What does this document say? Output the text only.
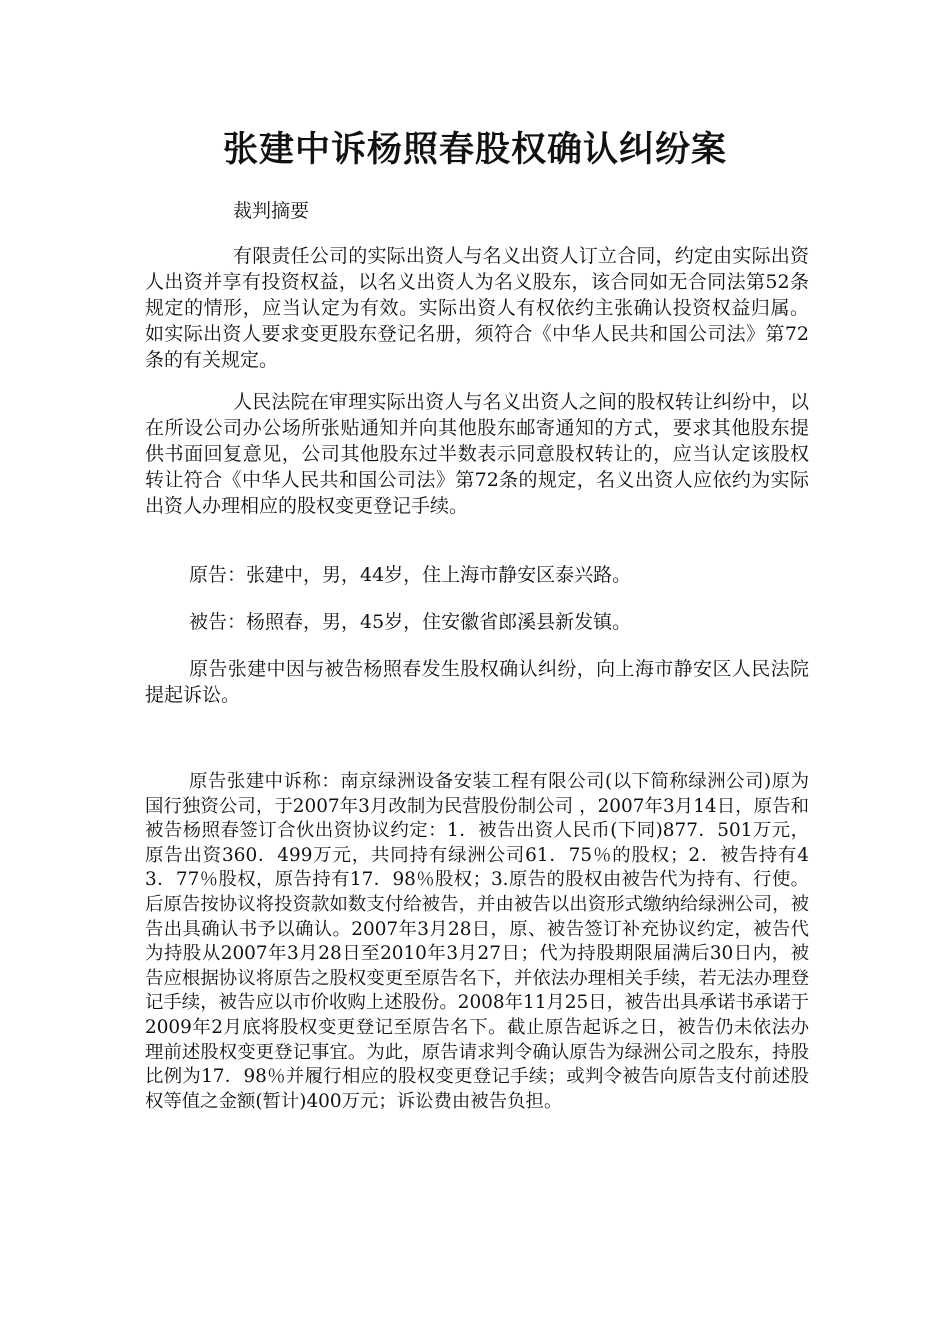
张建中诉杨照春股权确认纠纷案

裁判摘要

有限责任公司的实际出资人与名义出资人订立合同，约定由实际出资人出资并享有投资权益，以名义出资人为名义股东，该合同如无合同法第52条规定的情形，应当认定为有效。实际出资人有权依约主张确认投资权益归属。如实际出资人要求变更股东登记名册，须符合《中华人民共和国公司法》第72条的有关规定。

人民法院在审理实际出资人与名义出资人之间的股权转让纠纷中，以在所设公司办公场所张贴通知并向其他股东邮寄通知的方式，要求其他股东提供书面回复意见，公司其他股东过半数表示同意股权转让的，应当认定该股权转让符合《中华人民共和国公司法》第72条的规定，名义出资人应依约为实际出资人办理相应的股权变更登记手续。

原告：张建中，男，44岁，住上海市静安区泰兴路。

被告：杨照春，男，45岁，住安徽省郎溪县新发镇。

原告张建中因与被告杨照春发生股权确认纠纷，向上海市静安区人民法院提起诉讼。

原告张建中诉称：南京绿洲设备安装工程有限公司(以下简称绿洲公司)原为国行独资公司，于2007年3月改制为民营股份制公司 ，2007年3月14日，原告和被告杨照春签订合伙出资协议约定：1．被告出资人民币(下同)877．501万元，原告出资360．499万元，共同持有绿洲公司61．75％的股权；2．被告持有43．77％股权，原告持有17．98％股权；3.原告的股权由被告代为持有、行使。后原告按协议将投资款如数支付给被告，并由被告以出资形式缴纳给绿洲公司，被告出具确认书予以确认。2007年3月28日，原、被告签订补充协议约定，被告代为持股从2007年3月28日至2010年3月27日；代为持股期限届满后30日内，被告应根据协议将原告之股权变更至原告名下，并依法办理相关手续，若无法办理登记手续，被告应以市价收购上述股份。2008年11月25日，被告出具承诺书承诺于2009年2月底将股权变更登记至原告名下。截止原告起诉之日，被告仍未依法办理前述股权变更登记事宜。为此，原告请求判令确认原告为绿洲公司之股东，持股比例为17．98％并履行相应的股权变更登记手续；或判令被告向原告支付前述股权等值之金额(暂计)400万元；诉讼费由被告负担。
